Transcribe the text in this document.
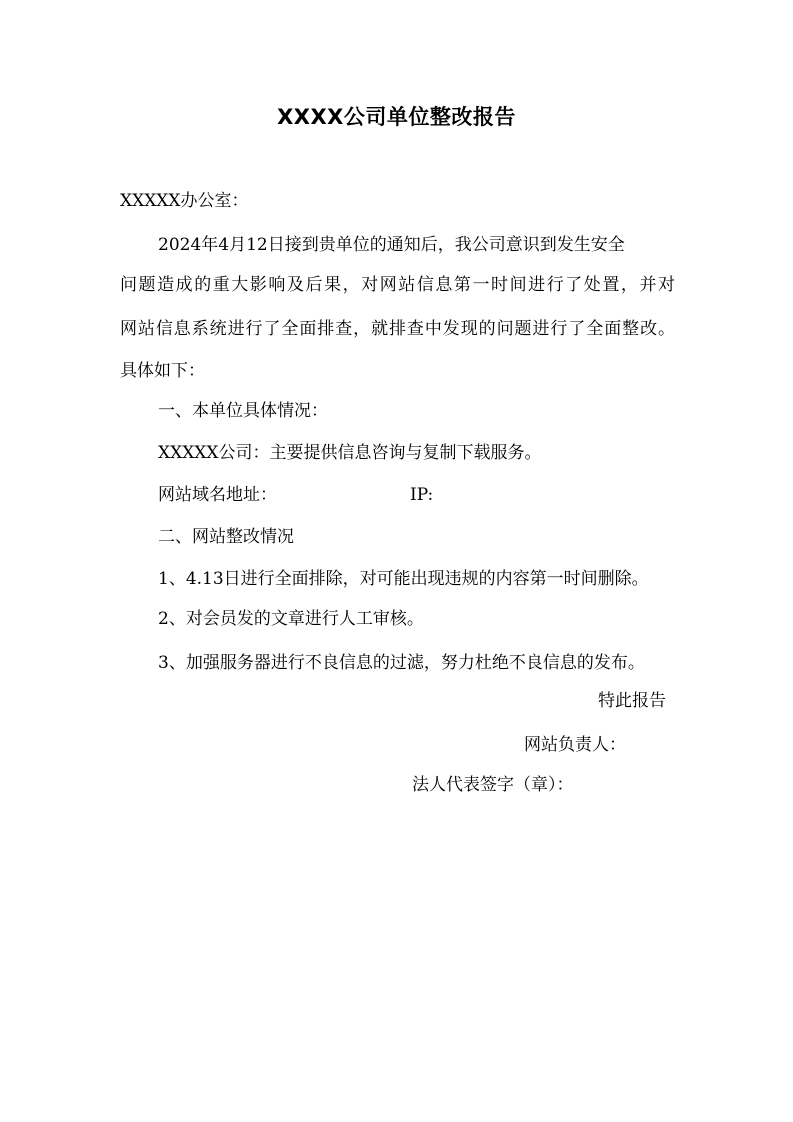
XXXX公司单位整改报告
XXXXX办公室：
2024年4月12日接到贵单位的通知后，我公司意识到发生安全
问题造成的重大影响及后果，对网站信息第一时间进行了处置，并对
网站信息系统进行了全面排查，就排查中发现的问题进行了全面整改。
具体如下：
一、本单位具体情况：
XXXXX公司：主要提供信息咨询与复制下载服务。
网站域名地址：	IP:
二、网站整改情况
1、4.13日进行全面排除，对可能出现违规的内容第一时间删除。
2、对会员发的文章进行人工审核。
3、加强服务器进行不良信息的过滤，努力杜绝不良信息的发布。
特此报告
网站负责人：
法人代表签字（章）：
